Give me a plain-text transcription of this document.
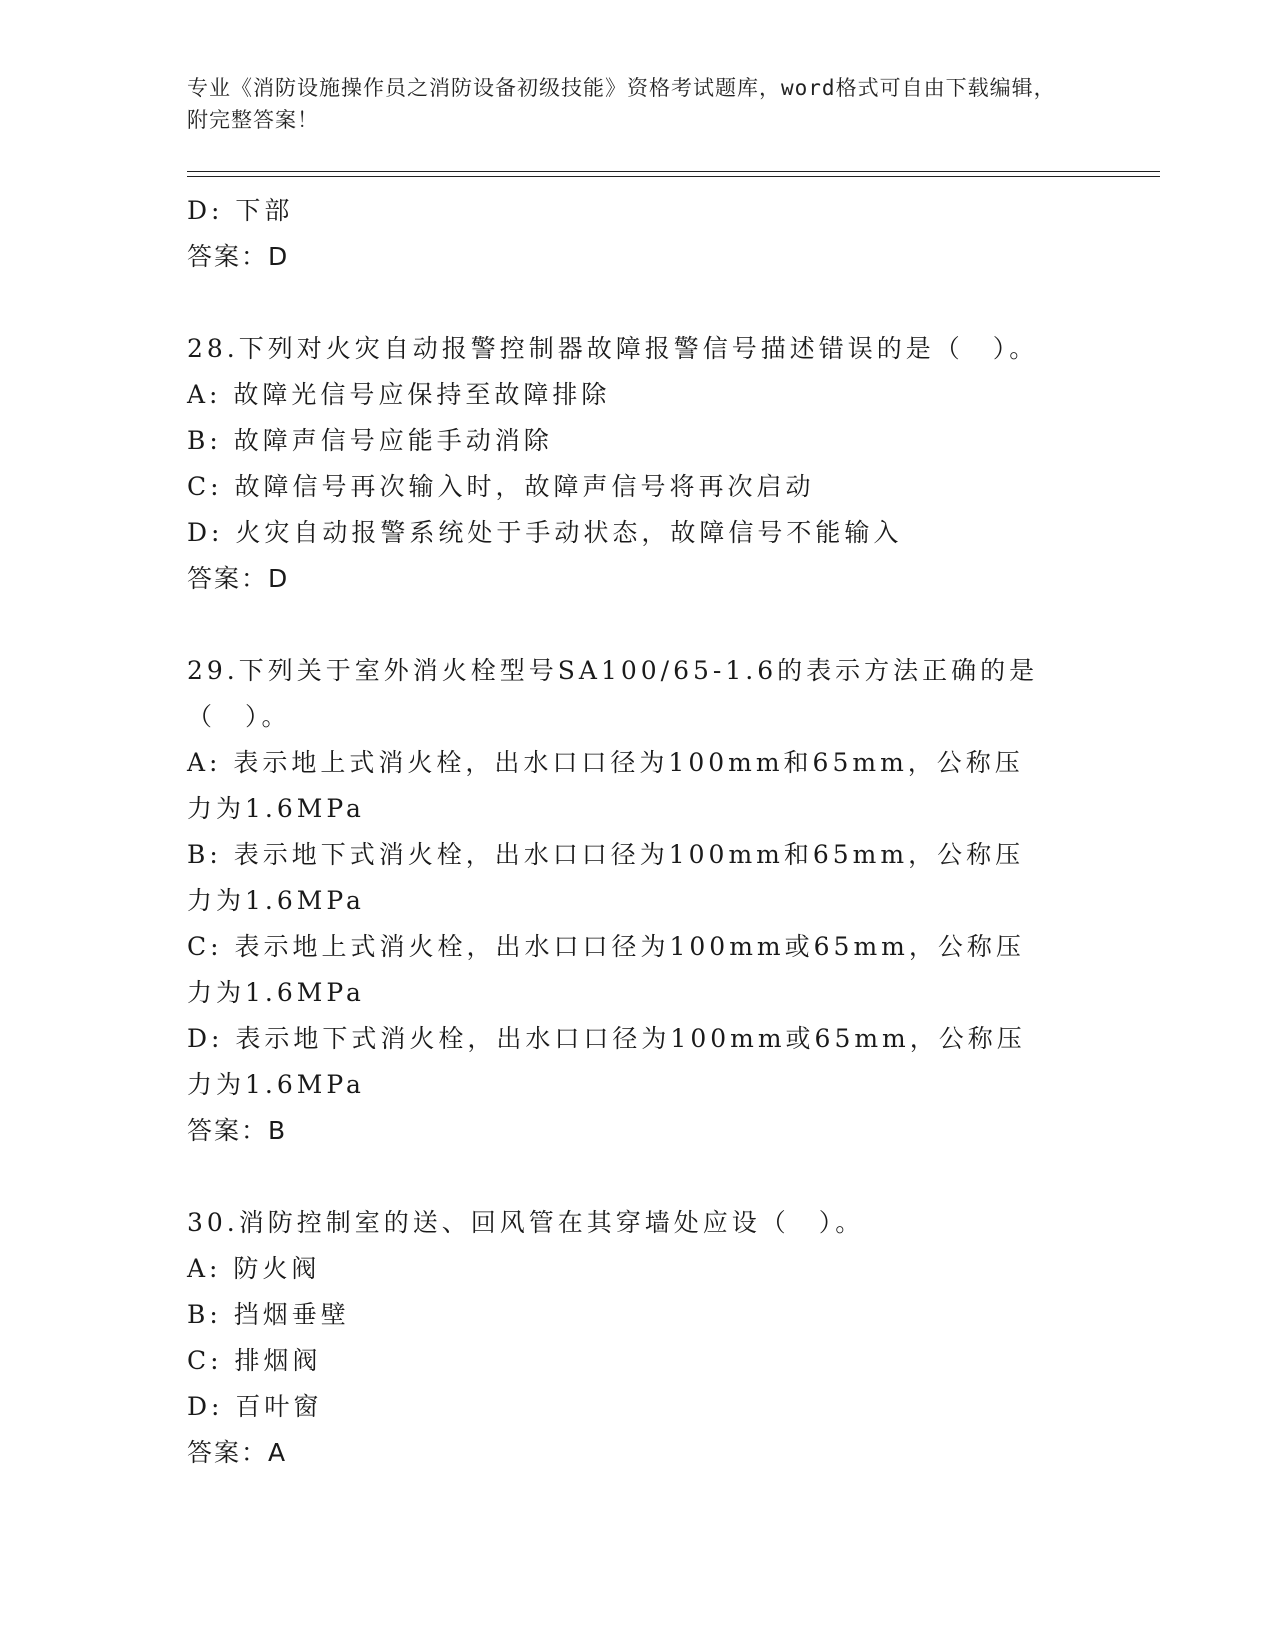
专业《消防设施操作员之消防设备初级技能》资格考试题库，word格式可自由下载编辑，附完整答案！
D: 下部
答案：D
28.下列对火灾自动报警控制器故障报警信号描述错误的是（　）。
A: 故障光信号应保持至故障排除
B: 故障声信号应能手动消除
C: 故障信号再次输入时，故障声信号将再次启动
D: 火灾自动报警系统处于手动状态，故障信号不能输入
答案：D
29.下列关于室外消火栓型号SA100/65-1.6的表示方法正确的是（　）。
A: 表示地上式消火栓，出水口口径为100mm和65mm，公称压力为1.6MPa
B: 表示地下式消火栓，出水口口径为100mm和65mm，公称压力为1.6MPa
C: 表示地上式消火栓，出水口口径为100mm或65mm，公称压力为1.6MPa
D: 表示地下式消火栓，出水口口径为100mm或65mm，公称压力为1.6MPa
答案：B
30.消防控制室的送、回风管在其穿墙处应设（　）。
A: 防火阀
B: 挡烟垂壁
C: 排烟阀
D: 百叶窗
答案：A
